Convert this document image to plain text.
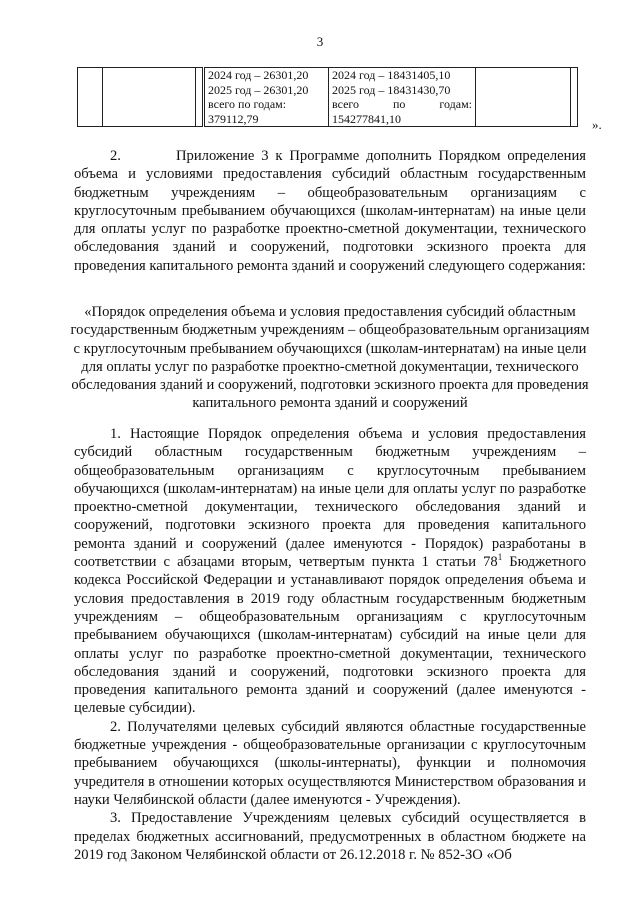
3

2024 год – 26301,20
2025 год – 26301,20
всего по годам:
379112,79

2024 год – 18431405,10
2025 год – 18431430,70
всего	по	годам:
154277841,10
			».

2.	Приложение 3 к Программе дополнить Порядком определения объема и условиями предоставления субсидий областным государственным бюджетным учреждениям – общеобразовательным организациям с круглосуточным пребыванием обучающихся (школам-интернатам) на иные цели для оплаты услуг по разработке проектно-сметной документации, технического обследования зданий и сооружений, подготовки эскизного проекта для проведения капитального ремонта зданий и сооружений следующего содержания:

«Порядок определения объема и условия предоставления субсидий областным государственным бюджетным учреждениям – общеобразовательным организациям с круглосуточным пребыванием обучающихся (школам-интернатам) на иные цели для оплаты услуг по разработке проектно-сметной документации, технического обследования зданий и сооружений, подготовки эскизного проекта для проведения капитального ремонта зданий и сооружений

1. Настоящие Порядок определения объема и условия предоставления субсидий областным государственным бюджетным учреждениям – общеобразовательным организациям с круглосуточным пребыванием обучающихся (школам-интернатам) на иные цели для оплаты услуг по разработке проектно-сметной документации, технического обследования зданий и сооружений, подготовки эскизного проекта для проведения капитального ремонта зданий и сооружений (далее именуются - Порядок) разработаны в соответствии с абзацами вторым, четвертым пункта 1 статьи $78^1$ Бюджетного кодекса Российской Федерации и устанавливают порядок определения объема и условия предоставления в 2019 году областным государственным бюджетным учреждениям – общеобразовательным организациям с круглосуточным пребыванием обучающихся (школам-интернатам) субсидий на иные цели для оплаты услуг по разработке проектно-сметной документации, технического обследования зданий и сооружений, подготовки эскизного проекта для проведения капитального ремонта зданий и сооружений (далее именуются - целевые субсидии).

2. Получателями целевых субсидий являются областные государственные бюджетные учреждения - общеобразовательные организации с круглосуточным пребыванием обучающихся (школы-интернаты), функции и полномочия учредителя в отношении которых осуществляются Министерством образования и науки Челябинской области (далее именуются - Учреждения).

3. Предоставление Учреждениям целевых субсидий осуществляется в пределах бюджетных ассигнований, предусмотренных в областном бюджете на 2019 год Законом Челябинской области от 26.12.2018 г. № 852-ЗО «Об
